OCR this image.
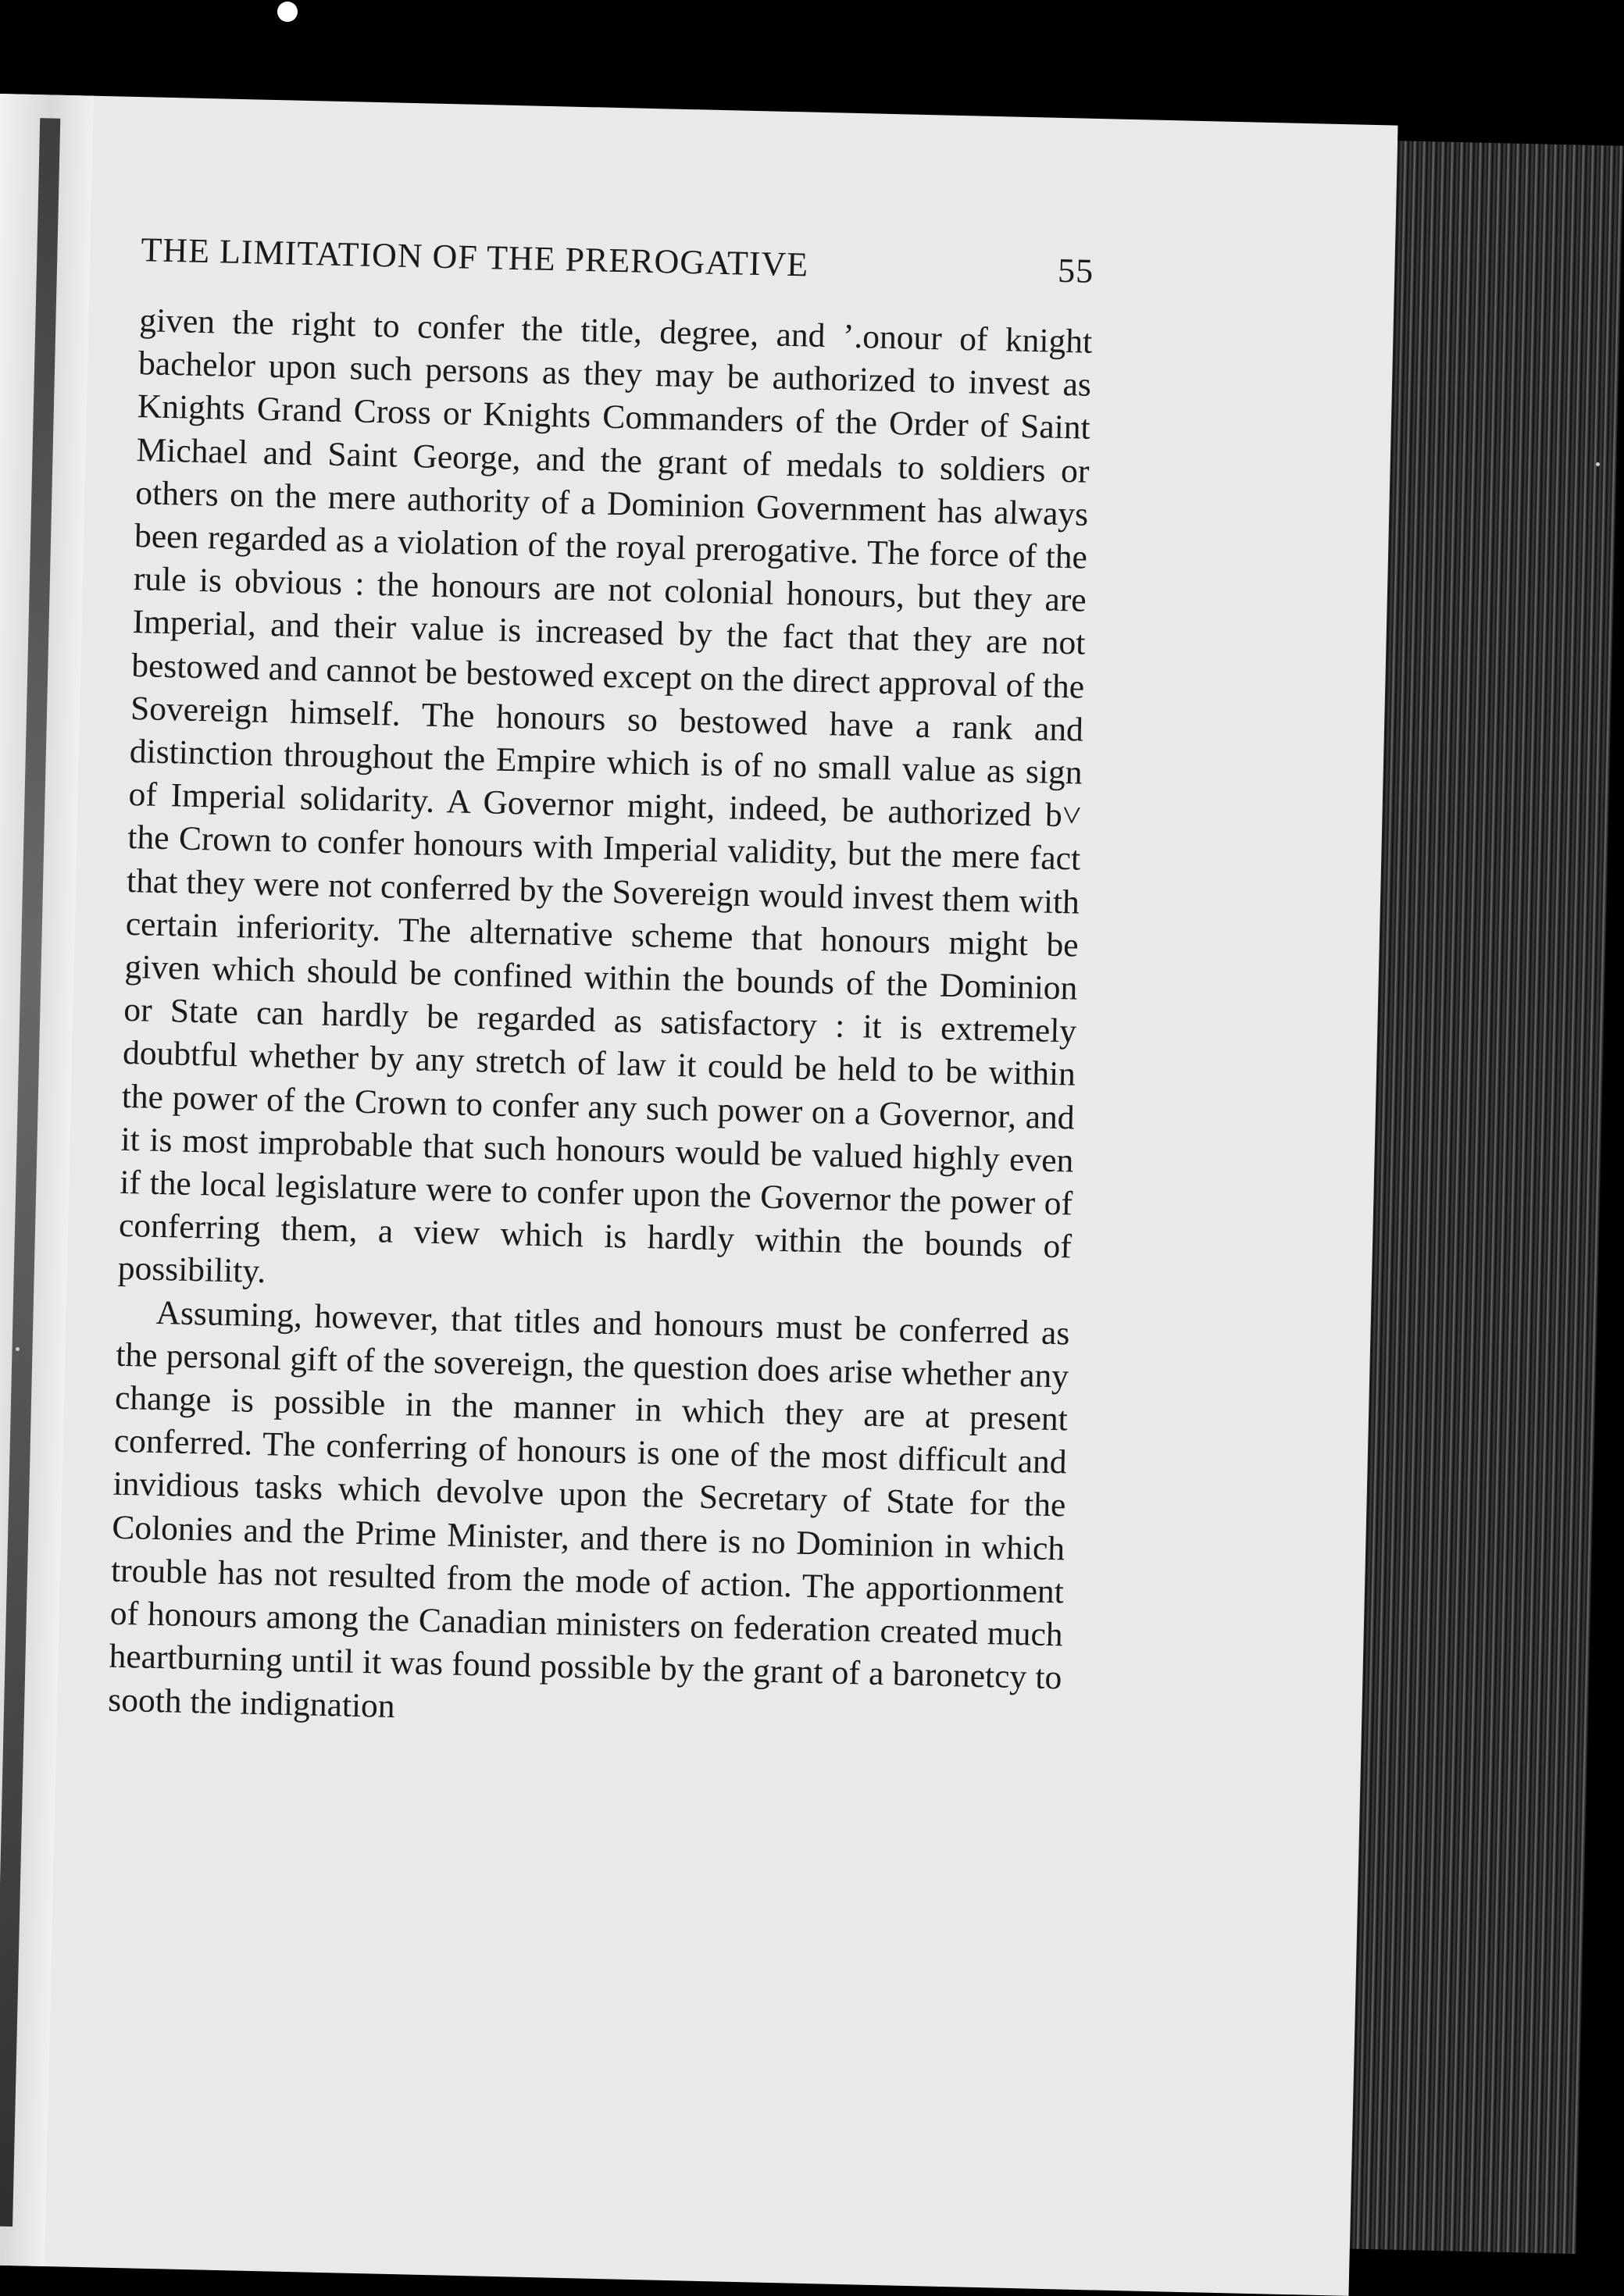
THE LIMITATION OF THE PREROGATIVE	55

given the right to confer the title, degree, and ’.onour of knight bachelor upon such persons as they may be authorized to invest as Knights Grand Cross or Knights Commanders of the Order of Saint Michael and Saint George, and the grant of medals to soldiers or others on the mere authority of a Dominion Government has always been regarded as a violation of the royal prerogative. The force of the rule is obvious : the honours are not colonial honours, but they are Imperial, and their value is increased by the fact that they are not bestowed and cannot be bestowed except on the direct approval of the Sovereign himself. The honours so bestowed have a rank and distinction throughout the Empire which is of no small value as sign of Imperial solidarity. A Governor might, indeed, be authorized b˅ the Crown to confer honours with Imperial validity, but the mere fact that they were not conferred by the Sovereign would invest them with certain inferiority. The alternative scheme that honours might be given which should be confined within the bounds of the Dominion or State can hardly be regarded as satisfactory : it is extremely doubtful whether by any stretch of law it could be held to be within the power of the Crown to confer any such power on a Governor, and it is most improbable that such honours would be valued highly even if the local legislature were to confer upon the Governor the power of conferring them, a view which is hardly within the bounds of possibility.

Assuming, however, that titles and honours must be conferred as the personal gift of the sovereign, the question does arise whether any change is possible in the manner in which they are at present conferred. The conferring of honours is one of the most difficult and invidious tasks which devolve upon the Secretary of State for the Colonies and the Prime Minister, and there is no Dominion in which trouble has not resulted from the mode of action. The apportionment of honours among the Canadian ministers on federation created much heartburning until it was found possible by the grant of a baronetcy to sooth the indignation
